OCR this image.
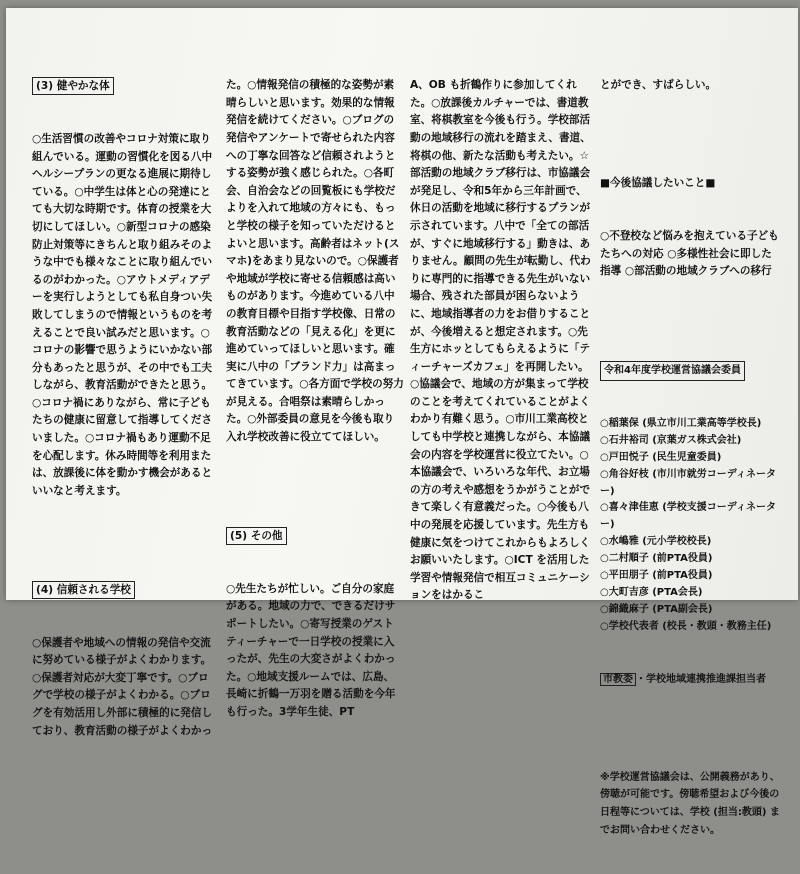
(3) 健やかな体

○生活習慣の改善やコロナ対策に取り組んでいる。運動の習慣化を図る八中ヘルシープランの更なる進展に期待している。○中学生は体と心の発達にとても大切な時期です。体育の授業を大切にしてほしい。○新型コロナの感染防止対策等にきちんと取り組みそのような中でも様々なことに取り組んでいるのがわかった。○アウトメディアデーを実行しようとしても私自身つい失敗してしまうので情報というものを考えることで良い試みだと思います。○コロナの影響で思うようにいかない部分もあったと思うが、その中でも工夫しながら、教育活動ができたと思う。○コロナ禍にありながら、常に子どもたちの健康に留意して指導してくださいました。○コロナ禍もあり運動不足を心配します。休み時間等を利用または、放課後に体を動かす機会があるといいなと考えます。

(4) 信頼される学校

○保護者や地域への情報の発信や交流に努めている様子がよくわかります。○保護者対応が大変丁寧です。○ブログで学校の様子がよくわかる。○ブログを有効活用し外部に積極的に発信しており、教育活動の様子がよくわかっ

た。○情報発信の積極的な姿勢が素晴らしいと思います。効果的な情報発信を続けてください。○ブログの発信やアンケートで寄せられた内容への丁寧な回答など信頼されようとする姿勢が強く感じられた。○各町会、自治会などの回覧板にも学校だよりを入れて地域の方々にも、もっと学校の様子を知っていただけるとよいと思います。高齢者はネット(スマホ)をあまり見ないので。○保護者や地域が学校に寄せる信頼感は高いものがあります。今進めている八中の教育目標や目指す学校像、日常の教育活動などの「見える化」を更に進めていってほしいと思います。確実に八中の「ブランド力」は高まってきています。○各方面で学校の努力が見える。合唱祭は素晴らしかった。○外部委員の意見を今後も取り入れ学校改善に役立ててほしい。

(5) その他

○先生たちが忙しい。ご自分の家庭がある。地域の力で、できるだけサポートしたい。○寄写授業のゲストティーチャーで一日学校の授業に入ったが、先生の大変さがよくわかった。○地域支援ルームでは、広島、長崎に折鶴一万羽を贈る活動を今年も行った。3学年生徒、PT

A、OB も折鶴作りに参加してくれた。○放課後カルチャーでは、書道教室、将棋教室を今後も行う。学校部活動の地域移行の流れを踏まえ、書道、将棋の他、新たな活動も考えたい。☆部活動の地域クラブ移行は、市協議会が発足し、令和5年から三年計画で、休日の活動を地域に移行するプランが示されています。八中で「全ての部活が、すぐに地域移行する」動きは、ありません。顧問の先生が転勤し、代わりに専門的に指導できる先生がいない場合、残された部員が困らないように、地域指導者の力をお借りすることが、今後増えると想定されます。○先生方にホッとしてもらえるように「ティーチャーズカフェ」を再開したい。○協議会で、地域の方が集まって学校のことを考えてくれていることがよくわかり有難く思う。○市川工業高校としても中学校と連携しながら、本協議会の内容を学校運営に役立てたい。○本協議会で、いろいろな年代、お立場の方の考えや感想をうかがうことができて楽しく有意義だった。○今後も八中の発展を応援しています。先生方も健康に気をつけてこれからもよろしくお願いいたします。○ICT を活用した学習や情報発信で相互コミュニケーションをはかるこ

とができ、すばらしい。

■今後協議したいこと■

○不登校など悩みを抱えている子どもたちへの対応 ○多様性社会に即した指導 ○部活動の地域クラブへの移行

令和4年度学校運営協議会委員

○稲葉保 (県立市川工業高等学校長)

○石井裕司 (京葉ガス株式会社)

○戸田悦子 (民生児童委員)

○角谷好枝 (市川市就労コーディネーター)

○喜々津佳恵 (学校支援コーディネーター)

○水嶋雅 (元小学校校長)

○二村順子 (前PTA役員)

○平田朋子 (前PTA役員)

○大町吉彦 (PTA会長)

○錦織麻子 (PTA副会長)

○学校代表者 (校長・教頭・教務主任)

市教委 ・学校地域連携推進課担当者

※学校運営協議会は、公開義務があり、傍聴が可能です。傍聴希望および今後の日程等については、学校 (担当:教頭) までお問い合わせください。
